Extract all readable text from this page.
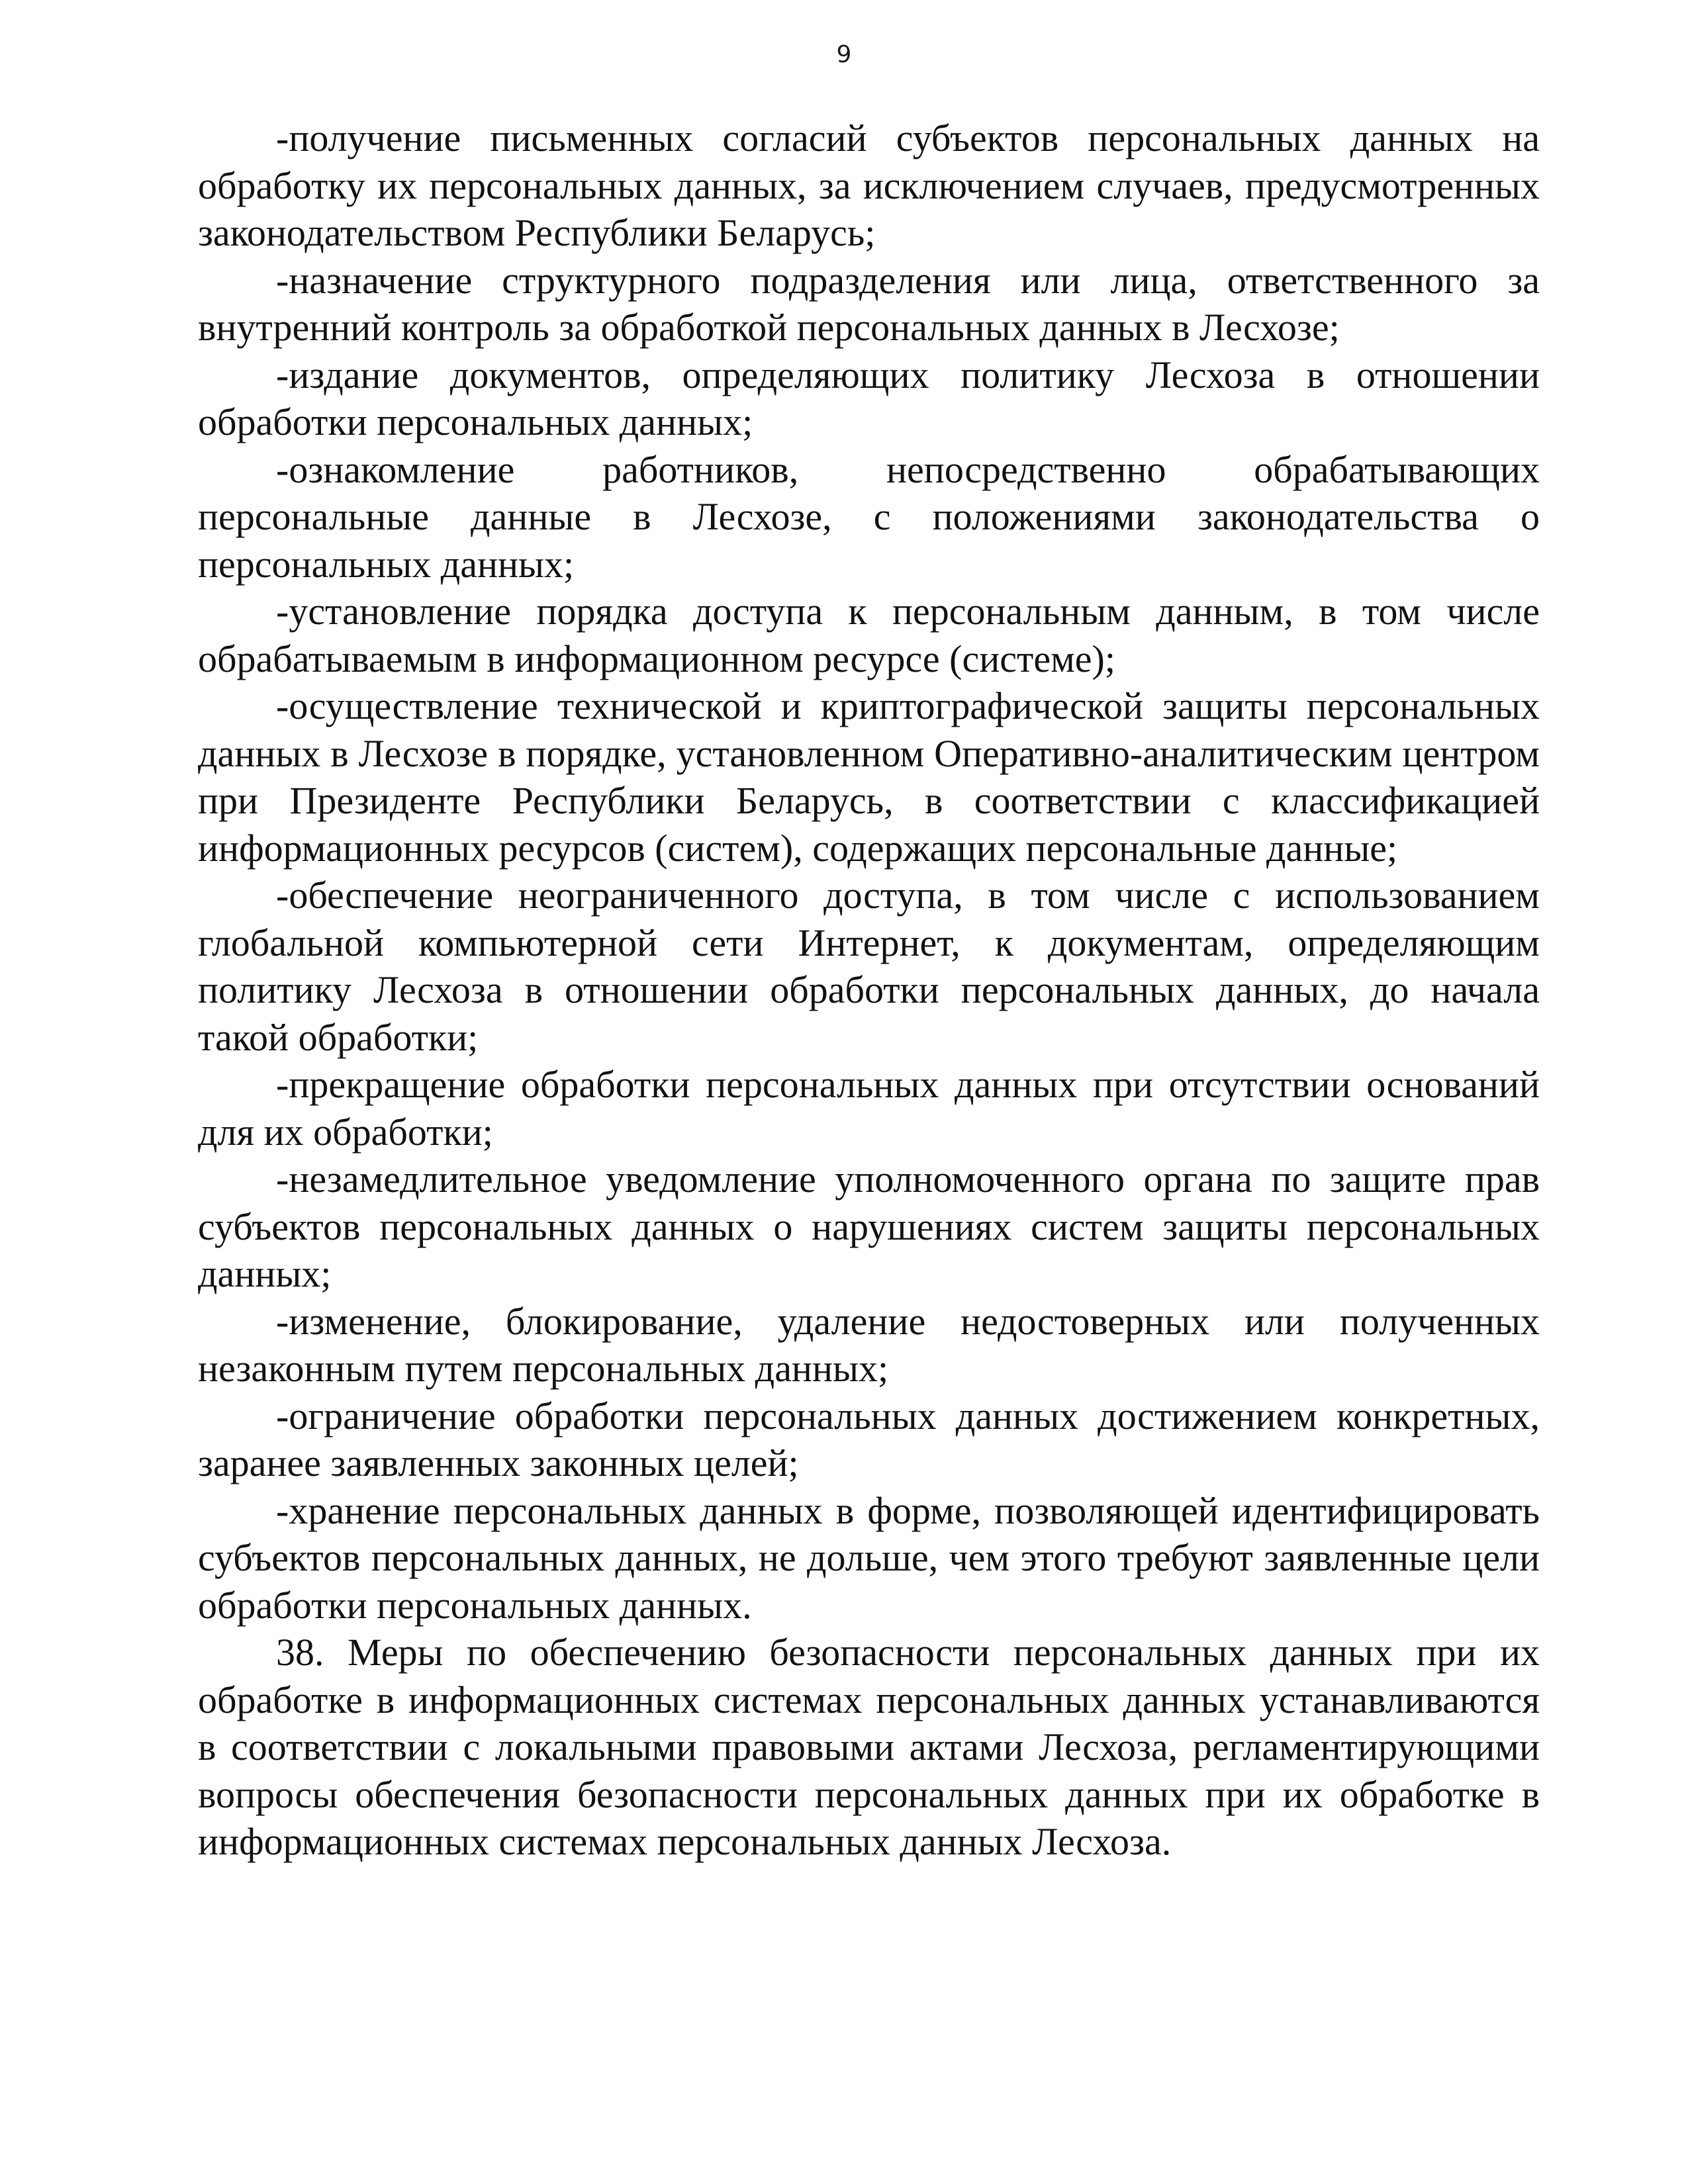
9

-получение письменных согласий субъектов персональных данных на обработку их персональных данных, за исключением случаев, предусмотренных законодательством Республики Беларусь;

-назначение структурного подразделения или лица, ответственного за внутренний контроль за обработкой персональных данных в Лесхозе;

-издание документов, определяющих политику Лесхоза в отношении обработки персональных данных;

-ознакомление работников, непосредственно обрабатывающих персональные данные в Лесхозе, с положениями законодательства о персональных данных;

-установление порядка доступа к персональным данным, в том числе обрабатываемым в информационном ресурсе (системе);

-осуществление технической и криптографической защиты персональных данных в Лесхозе в порядке, установленном Оперативно-аналитическим центром при Президенте Республики Беларусь, в соответствии с классификацией информационных ресурсов (систем), содержащих персональные данные;

-обеспечение неограниченного доступа, в том числе с использованием глобальной компьютерной сети Интернет, к документам, определяющим политику Лесхоза в отношении обработки персональных данных, до начала такой обработки;

-прекращение обработки персональных данных при отсутствии оснований для их обработки;

-незамедлительное уведомление уполномоченного органа по защите прав субъектов персональных данных о нарушениях систем защиты персональных данных;

-изменение, блокирование, удаление недостоверных или полученных незаконным путем персональных данных;

-ограничение обработки персональных данных достижением конкретных, заранее заявленных законных целей;

-хранение персональных данных в форме, позволяющей идентифицировать субъектов персональных данных, не дольше, чем этого требуют заявленные цели обработки персональных данных.

38. Меры по обеспечению безопасности персональных данных при их обработке в информационных системах персональных данных устанавливаются в соответствии с локальными правовыми актами Лесхоза, регламентирующими вопросы обеспечения безопасности персональных данных при их обработке в информационных системах персональных данных Лесхоза.
